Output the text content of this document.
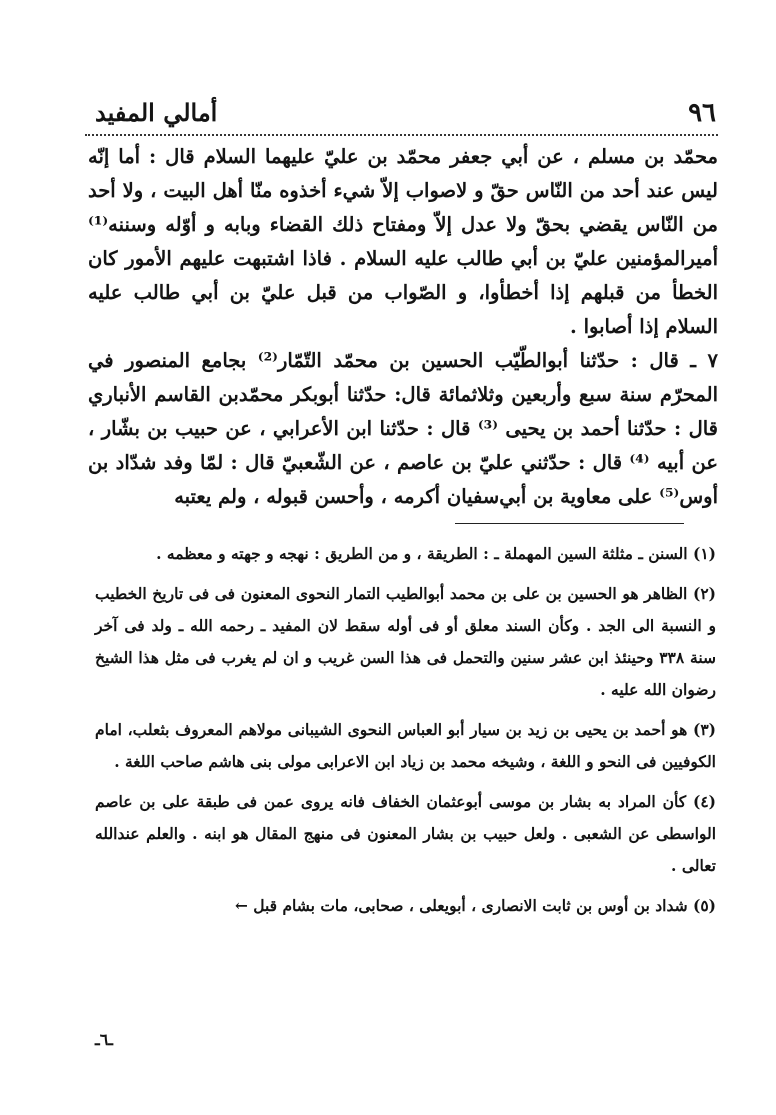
٩٦
أمالي المفيد

محمّد بن مسلم ، عن أبي جعفر محمّد بن عليّ عليهما السلام قال : أما إنّه ليس عند أحد من النّاس حقّ و لاصواب إلاّ شيء أخذوه منّا أهل البيت ، ولا أحد من النّاس يقضي بحقّ ولا عدل إلاّ ومفتاح ذلك القضاء وبابه و أوّله وسننه⁽¹⁾ أميرالمؤمنين عليّ بن أبي طالب عليه السلام . فاذا اشتبهت عليهم الأمور كان الخطأ من قبلهم إذا أخطأوا، و الصّواب من قبل عليّ بن أبي طالب عليه السلام إذا أصابوا .

٧ ـ قال : حدّثنا أبوالطّيّب الحسين بن محمّد التّمّار⁽²⁾ بجامع المنصور في المحرّم سنة سبع وأربعين وثلاثمائة قال: حدّثنا أبوبكر محمّدبن القاسم الأنباري قال : حدّثنا أحمد بن يحيى ⁽³⁾ قال : حدّثنا ابن الأعرابي ، عن حبيب بن بشّار ، عن أبيه ⁽⁴⁾ قال : حدّثني عليّ بن عاصم ، عن الشّعبيّ قال : لمّا وفد شدّاد بن أوس⁽⁵⁾ على معاوية بن أبي‌سفيان أكرمه ، وأحسن قبوله ، ولم يعتبه

(١) السنن ـ مثلثة السين المهملة ـ : الطريقة ، و من الطريق : نهجه و جهته و معظمه .

(٢) الظاهر هو الحسين بن على بن محمد أبوالطيب التمار النحوى المعنون فى فى تاريخ الخطيب و النسبة الى الجد . وكأن السند معلق أو فى أوله سقط لان المفيد ـ رحمه الله ـ ولد فى آخر سنة ٣٣٨ وحينئذ ابن عشر سنين والتحمل فى هذا السن غريب و ان لم يغرب فى مثل هذا الشيخ رضوان الله عليه .

(٣) هو أحمد بن يحيى بن زيد بن سيار أبو العباس النحوى الشيبانى مولاهم المعروف بثعلب، امام الكوفيين فى النحو و اللغة ، وشيخه محمد بن زياد ابن الاعرابى مولى بنى هاشم صاحب اللغة .

(٤) كأن المراد به بشار بن موسى أبوعثمان الخفاف فانه يروى عمن فى طبقة على بن عاصم الواسطى عن الشعبى . ولعل حبيب بن بشار المعنون فى منهج المقال هو ابنه . والعلم عندالله تعالى .

(٥) شداد بن أوس بن ثابت الانصارى ، أبويعلى ، صحابى، مات بشام قبل ←

ـ٦ـ
